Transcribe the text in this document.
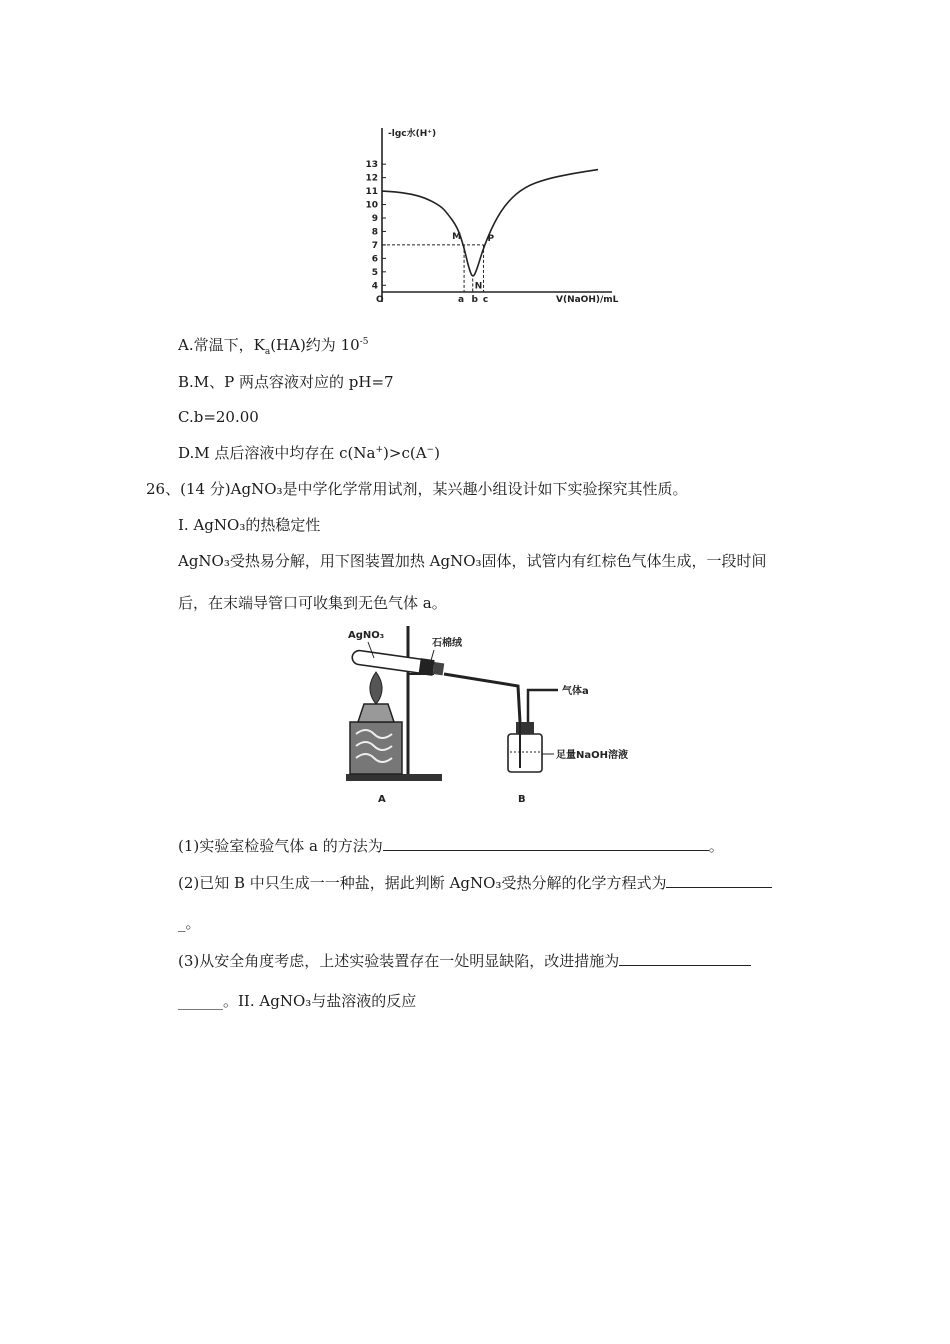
-lgc水(H⁺)
V(NaOH)/mL
O
4
5
6
7
8
9
10
11
12
13
a b c
M
N
P
A.常温下，$K_a(HA)$约为 $10^{-5}$
B.M、P 两点容液对应的 pH=7
C.b=20.00
D.M 点后溶液中均存在 c(Na+)>c(A−)
26、(14 分)AgNO₃是中学化学常用试剂，某兴趣小组设计如下实验探究其性质。
I. AgNO₃的热稳定性
AgNO₃受热易分解，用下图装置加热 AgNO₃固体，试管内有红棕色气体生成，一段时间
后，在末端导管口可收集到无色气体 a。
AgNO₃
石棉绒
气体a
足量NaOH溶液
A	B
(1)实验室检验气体 a 的方法为	。
(2)已知 B 中只生成一一种盐，据此判断 AgNO₃受热分解的化学方程式为
_。
(3)从安全角度考虑，上述实验装置存在一处明显缺陷，改进措施为
______。II. AgNO₃与盐溶液的反应
